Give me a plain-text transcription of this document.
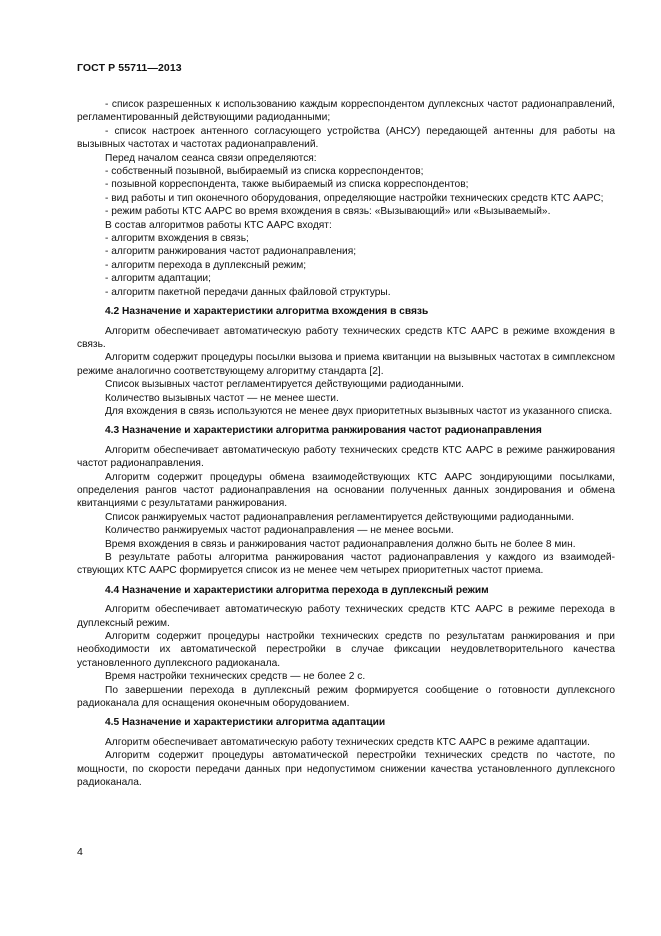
ГОСТ Р 55711—2013

- список разрешенных к использованию каждым корреспондентом дуплексных частот радионаправлений, регламентированный действующими радиоданными;

- список настроек антенного согласующего устройства (АНСУ) передающей антенны для работы на вызывных частотах и частотах радионаправлений.

Перед началом сеанса связи определяются:

- собственный позывной, выбираемый из списка корреспондентов;

- позывной корреспондента, также выбираемый из списка корреспондентов;

- вид работы и тип оконечного оборудования, определяющие настройки технических средств КТС ААРС;

- режим работы КТС ААРС во время вхождения в связь: «Вызывающий» или «Вызываемый».

В состав алгоритмов работы КТС ААРС входят:

- алгоритм вхождения в связь;

- алгоритм ранжирования частот радионаправления;

- алгоритм перехода в дуплексный режим;

- алгоритм адаптации;

- алгоритм пакетной передачи данных файловой структуры.

4.2 Назначение и характеристики алгоритма вхождения в связь

Алгоритм обеспечивает автоматическую работу технических средств КТС ААРС в режиме вхождения в связь.

Алгоритм содержит процедуры посылки вызова и приема квитанции на вызывных частотах в симплексном режиме аналогично соответствующему алгоритму стандарта [2].

Список вызывных частот регламентируется действующими радиоданными.

Количество вызывных частот — не менее шести.

Для вхождения в связь используются не менее двух приоритетных вызывных частот из указанного списка.

4.3 Назначение и характеристики алгоритма ранжирования частот радионаправления

Алгоритм обеспечивает автоматическую работу технических средств КТС ААРС в режиме ранжирования частот радионаправления.

Алгоритм содержит процедуры обмена взаимодействующих КТС ААРС зондирующими посылками, определения рангов частот радионаправления на основании полученных данных зондирования и обмена квитанциями с результатами ранжирования.

Список ранжируемых частот радионаправления регламентируется действующими радиоданными.

Количество ранжируемых частот радионаправления — не менее восьми.

Время вхождения в связь и ранжирования частот радионаправления должно быть не более 8 мин.

В результате работы алгоритма ранжирования частот радионаправления у каждого из взаимодействующих КТС ААРС формируется список из не менее чем четырех приоритетных частот приема.

4.4 Назначение и характеристики алгоритма перехода в дуплексный режим

Алгоритм обеспечивает автоматическую работу технических средств КТС ААРС в режиме перехода в дуплексный режим.

Алгоритм содержит процедуры настройки технических средств по результатам ранжирования и при необходимости их автоматической перестройки в случае фиксации неудовлетворительного качества установленного дуплексного радиоканала.

Время настройки технических средств — не более 2 с.

По завершении перехода в дуплексный режим формируется сообщение о готовности дуплексного радиоканала для оснащения оконечным оборудованием.

4.5 Назначение и характеристики алгоритма адаптации

Алгоритм обеспечивает автоматическую работу технических средств КТС ААРС в режиме адаптации.

Алгоритм содержит процедуры автоматической перестройки технических средств по частоте, по мощности, по скорости передачи данных при недопустимом снижении качества установленного дуплексного радиоканала.

4
